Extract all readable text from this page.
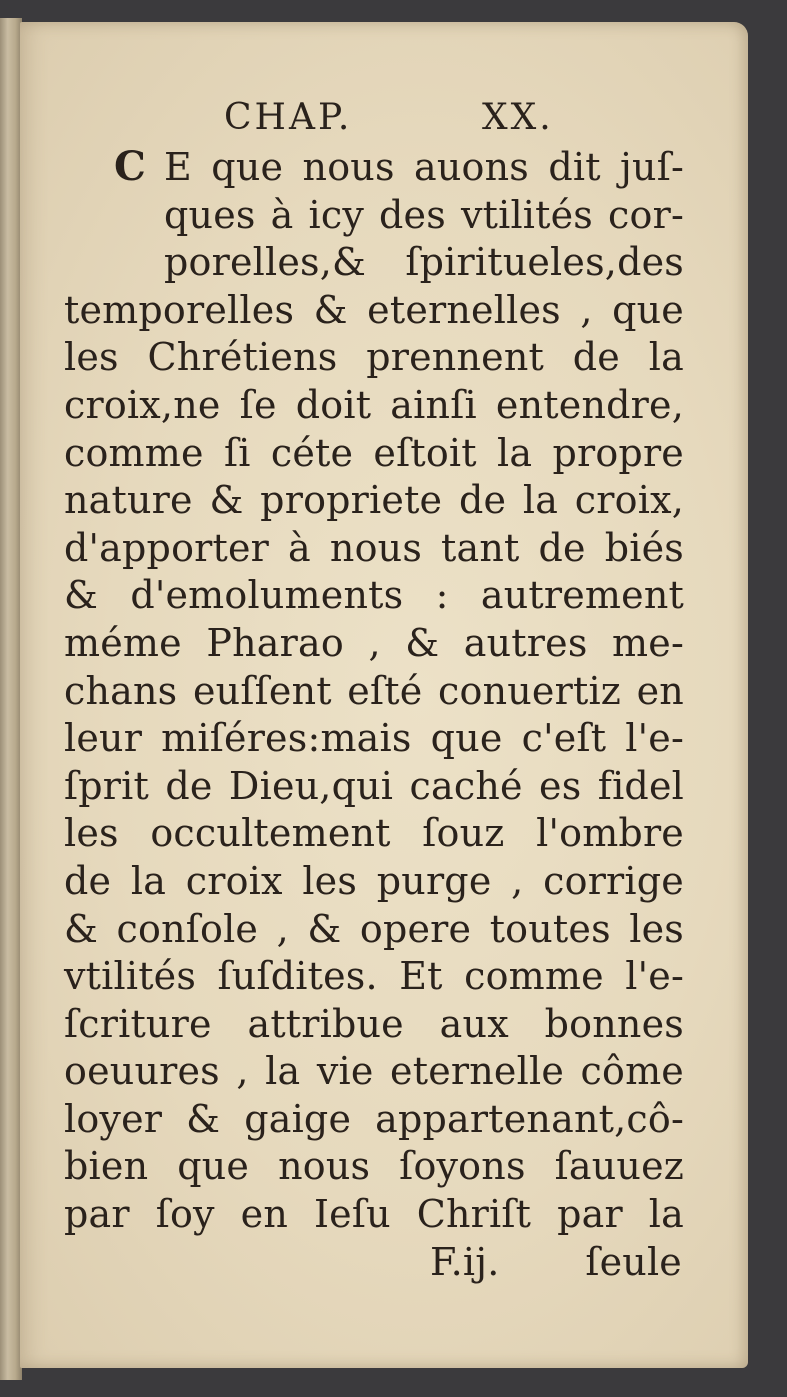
CHAP.	XX.
E que nous auons dit juſ-
ques à icy des vtilités cor-
porelles,& ſpiritueles,des
C
temporelles & eternelles , que
les Chrétiens prennent de la
croix,ne ſe doit ainſi entendre,
comme ſi céte eſtoit la propre
nature & propriete de la croix,
d'apporter à nous tant de biés
& d'emoluments : autrement
méme Pharao , & autres me-
chans euſſent eſté conuertiz en
leur miſéres:mais que c'eſt l'e-
ſprit de Dieu,qui caché es fidel
les occultement ſouz l'ombre
de la croix les purge , corrige
& conſole , & opere toutes les
vtilités ſuſdites. Et comme l'e-
ſcriture attribue aux bonnes
oeuures , la vie eternelle côme
loyer & gaige appartenant,cô-
bien que nous ſoyons ſauuez
par ſoy en Ieſu Chriſt par la
F.ij. ſeule
